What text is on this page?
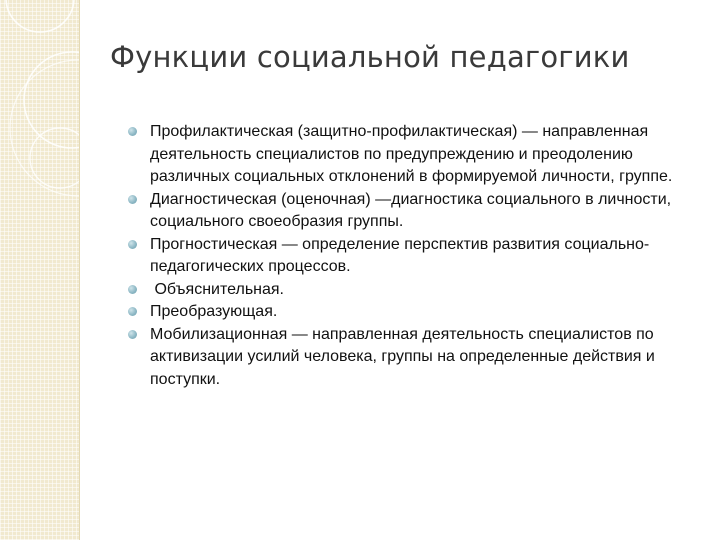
Функции социальной педагогики
Профилактическая (защитно-профилактическая) — направленная деятельность специалистов по предупреждению и преодолению различных социальных отклонений в формируемой личности, группе.
Диагностическая (оценочная) —диагностика социального в личности, социального своеобразия группы.
Прогностическая — определение перспектив развития социально-педагогических процессов.
Объяснительная.
Преобразующая.
Мобилизационная — направленная деятельность специалистов по активизации усилий человека, группы на определенные действия и поступки.
